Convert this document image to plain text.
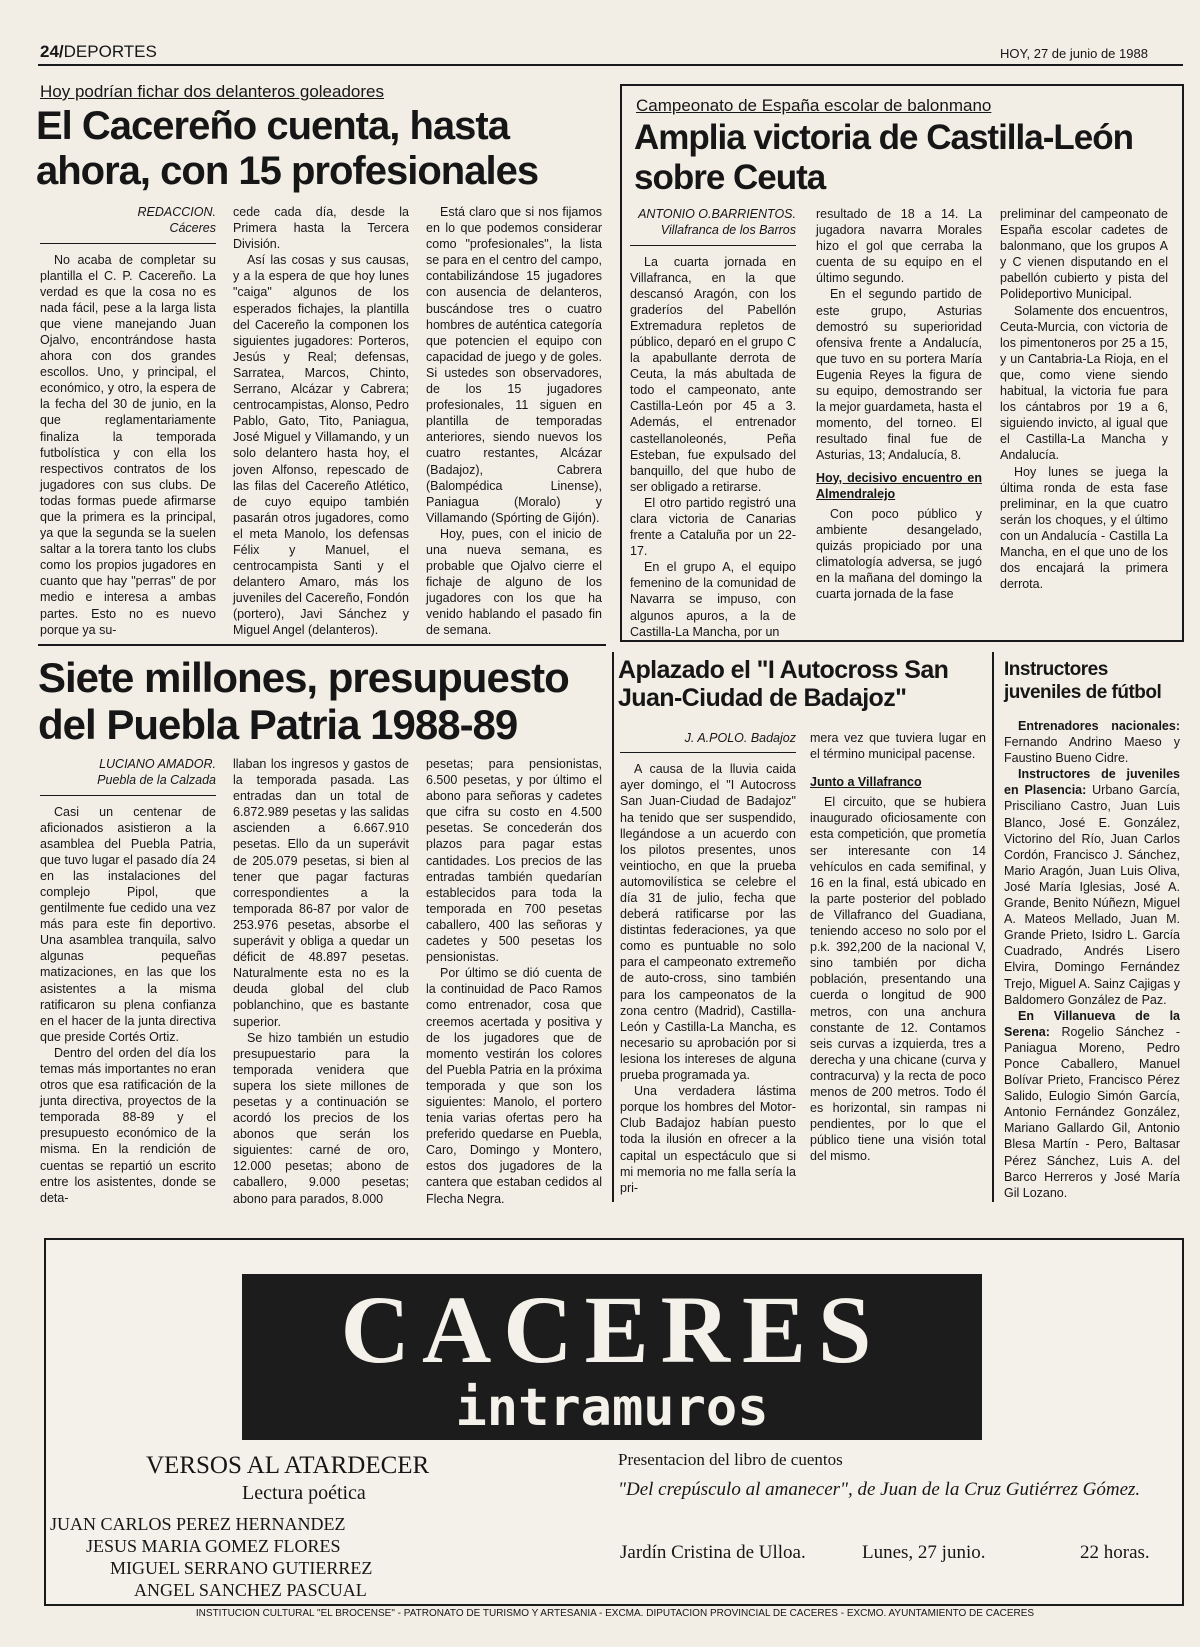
24/DEPORTES	HOY, 27 de junio de 1988
Hoy podrían fichar dos delanteros goleadores
El Cacereño cuenta, hasta ahora, con 15 profesionales
REDACCION.
Cáceres

No acaba de completar su plantilla el C. P. Cacereño. La verdad es que la cosa no es nada fácil, pese a la larga lista que viene manejando Juan Ojalvo, encontrándose hasta ahora con dos grandes escollos. Uno, y principal, el económico, y otro, la espera de la fecha del 30 de junio, en la que reglamentariamente finaliza la temporada futbolística y con ella los respectivos contratos de los jugadores con sus clubs. De todas formas puede afirmarse que la primera es la principal, ya que la segunda se la suelen saltar a la torera tanto los clubs como los propios jugadores en cuanto que hay "perras" de por medio e interesa a ambas partes. Esto no es nuevo porque ya su-

cede cada día, desde la Primera hasta la Tercera División.

Así las cosas y sus causas, y a la espera de que hoy lunes "caiga" algunos de los esperados fichajes, la plantilla del Cacereño la componen los siguientes jugadores: Porteros, Jesús y Real; defensas, Sarratea, Marcos, Chinto, Serrano, Alcázar y Cabrera; centrocampistas, Alonso, Pedro Pablo, Gato, Tito, Paniagua, José Miguel y Villamando, y un solo delantero hasta hoy, el joven Alfonso, repescado de las filas del Cacereño Atlético, de cuyo equipo también pasarán otros jugadores, como el meta Manolo, los defensas Félix y Manuel, el centrocampista Santi y el delantero Amaro, más los juveniles del Cacereño, Fondón (portero), Javi Sánchez y Miguel Angel (delanteros).

Está claro que si nos fijamos en lo que podemos considerar como "profesionales", la lista se para en el centro del campo, contabilizándose 15 jugadores con ausencia de delanteros, buscándose tres o cuatro hombres de auténtica categoría que potencien el equipo con capacidad de juego y de goles. Si ustedes son observadores, de los 15 jugadores profesionales, 11 siguen en plantilla de temporadas anteriores, siendo nuevos los cuatro restantes, Alcázar (Badajoz), Cabrera (Balompédica Linense), Paniagua (Moralo) y Villamando (Spórting de Gijón).

Hoy, pues, con el inicio de una nueva semana, es probable que Ojalvo cierre el fichaje de alguno de los jugadores con los que ha venido hablando el pasado fin de semana.

Campeonato de España escolar de balonmano
Amplia victoria de Castilla-León sobre Ceuta
ANTONIO O.BARRIENTOS.
Villafranca de los Barros

La cuarta jornada en Villafranca, en la que descansó Aragón, con los graderíos del Pabellón Extremadura repletos de público, deparó en el grupo C la apabullante derrota de Ceuta, la más abultada de todo el campeonato, ante Castilla-León por 45 a 3. Además, el entrenador castellanoleonés, Peña Esteban, fue expulsado del banquillo, del que hubo de ser obligado a retirarse.

El otro partido registró una clara victoria de Canarias frente a Cataluña por un 22-17.

En el grupo A, el equipo femenino de la comunidad de Navarra se impuso, con algunos apuros, a la de Castilla-La Mancha, por un

resultado de 18 a 14. La jugadora navarra Morales hizo el gol que cerraba la cuenta de su equipo en el último segundo.

En el segundo partido de este grupo, Asturias demostró su superioridad ofensiva frente a Andalucía, que tuvo en su portera María Eugenia Reyes la figura de su equipo, demostrando ser la mejor guardameta, hasta el momento, del torneo. El resultado final fue de Asturias, 13; Andalucía, 8.

Hoy, decisivo encuentro en Almendralejo

Con poco público y ambiente desangelado, quizás propiciado por una climatología adversa, se jugó en la mañana del domingo la cuarta jornada de la fase

preliminar del campeonato de España escolar cadetes de balonmano, que los grupos A y C vienen disputando en el pabellón cubierto y pista del Polideportivo Municipal.

Solamente dos encuentros, Ceuta-Murcia, con victoria de los pimentoneros por 25 a 15, y un Cantabria-La Rioja, en el que, como viene siendo habitual, la victoria fue para los cántabros por 19 a 6, siguiendo invicto, al igual que el Castilla-La Mancha y Andalucía.

Hoy lunes se juega la última ronda de esta fase preliminar, en la que cuatro serán los choques, y el último con un Andalucía - Castilla La Mancha, en el que uno de los dos encajará la primera derrota.

Siete millones, presupuesto del Puebla Patria 1988-89
LUCIANO AMADOR.
Puebla de la Calzada

Casi un centenar de aficionados asistieron a la asamblea del Puebla Patria, que tuvo lugar el pasado día 24 en las instalaciones del complejo Pipol, que gentilmente fue cedido una vez más para este fin deportivo. Una asamblea tranquila, salvo algunas pequeñas matizaciones, en las que los asistentes a la misma ratificaron su plena confianza en el hacer de la junta directiva que preside Cortés Ortiz.

Dentro del orden del día los temas más importantes no eran otros que esa ratificación de la junta directiva, proyectos de la temporada 88-89 y el presupuesto económico de la misma. En la rendición de cuentas se repartió un escrito entre los asistentes, donde se deta-

llaban los ingresos y gastos de la temporada pasada. Las entradas dan un total de 6.872.989 pesetas y las salidas ascienden a 6.667.910 pesetas. Ello da un superávit de 205.079 pesetas, si bien al tener que pagar facturas correspondientes a la temporada 86-87 por valor de 253.976 pesetas, absorbe el superávit y obliga a quedar un déficit de 48.897 pesetas. Naturalmente esta no es la deuda global del club poblanchino, que es bastante superior.

Se hizo también un estudio presupuestario para la temporada venidera que supera los siete millones de pesetas y a continuación se acordó los precios de los abonos que serán los siguientes: carné de oro, 12.000 pesetas; abono de caballero, 9.000 pesetas; abono para parados, 8.000

pesetas; para pensionistas, 6.500 pesetas, y por último el abono para señoras y cadetes que cifra su costo en 4.500 pesetas. Se concederán dos plazos para pagar estas cantidades. Los precios de las entradas también quedarían establecidos para toda la temporada en 700 pesetas caballero, 400 las señoras y cadetes y 500 pesetas los pensionistas.

Por último se dió cuenta de la continuidad de Paco Ramos como entrenador, cosa que creemos acertada y positiva y de los jugadores que de momento vestirán los colores del Puebla Patria en la próxima temporada y que son los siguientes: Manolo, el portero tenia varias ofertas pero ha preferido quedarse en Puebla, Caro, Domingo y Montero, estos dos jugadores de la cantera que estaban cedidos al Flecha Negra.

Aplazado el "I Autocross San Juan-Ciudad de Badajoz"
J. A.POLO. Badajoz

A causa de la lluvia caida ayer domingo, el "I Autocross San Juan-Ciudad de Badajoz" ha tenido que ser suspendido, llegándose a un acuerdo con los pilotos presentes, unos veintiocho, en que la prueba automovilística se celebre el día 31 de julio, fecha que deberá ratificarse por las distintas federaciones, ya que como es puntuable no solo para el campeonato extremeño de auto-cross, sino también para los campeonatos de la zona centro (Madrid), Castilla-León y Castilla-La Mancha, es necesario su aprobación por si lesiona los intereses de alguna prueba programada ya.

Una verdadera lástima porque los hombres del Motor-Club Badajoz habían puesto toda la ilusión en ofrecer a la capital un espectáculo que si mi memoria no me falla sería la pri-

mera vez que tuviera lugar en el término municipal pacense.

Junto a Villafranco

El circuito, que se hubiera inaugurado oficiosamente con esta competición, que prometía ser interesante con 14 vehículos en cada semifinal, y 16 en la final, está ubicado en la parte posterior del poblado de Villafranco del Guadiana, teniendo acceso no solo por el p.k. 392,200 de la nacional V, sino también por dicha población, presentando una cuerda o longitud de 900 metros, con una anchura constante de 12. Contamos seis curvas a izquierda, tres a derecha y una chicane (curva y contracurva) y la recta de poco menos de 200 metros. Todo él es horizontal, sin rampas ni pendientes, por lo que el público tiene una visión total del mismo.

Instructores juveniles de fútbol

Entrenadores nacionales: Fernando Andrino Maeso y Faustino Bueno Cidre.

Instructores de juveniles en Plasencia: Urbano García, Prisciliano Castro, Juan Luis Blanco, José E. González, Victorino del Río, Juan Carlos Cordón, Francisco J. Sánchez, Mario Aragón, Juan Luis Oliva, José María Iglesias, José A. Grande, Benito Núñezn, Miguel A. Mateos Mellado, Juan M. Grande Prieto, Isidro L. García Cuadrado, Andrés Lisero Elvira, Domingo Fernández Trejo, Miguel A. Sainz Cajigas y Baldomero González de Paz.

En Villanueva de la Serena: Rogelio Sánchez - Paniagua Moreno, Pedro Ponce Caballero, Manuel Bolívar Prieto, Francisco Pérez Salido, Eulogio Simón García, Antonio Fernández González, Mariano Gallardo Gil, Antonio Blesa Martín - Pero, Baltasar Pérez Sánchez, Luis A. del Barco Herreros y José María Gil Lozano.

CACERES
intramuros
VERSOS AL ATARDECER
Lectura poética
JUAN CARLOS PEREZ HERNANDEZ
JESUS MARIA GOMEZ FLORES
MIGUEL SERRANO GUTIERREZ
ANGEL SANCHEZ PASCUAL
Presentacion del libro de cuentos
"Del crepúsculo al amanecer", de Juan de la Cruz Gutiérrez Gómez.
Jardín Cristina de Ulloa.	Lunes, 27 junio.	22 horas.
INSTITUCION CULTURAL "EL BROCENSE" - PATRONATO DE TURISMO Y ARTESANIA - EXCMA. DIPUTACION PROVINCIAL DE CACERES - EXCMO. AYUNTAMIENTO DE CACERES
